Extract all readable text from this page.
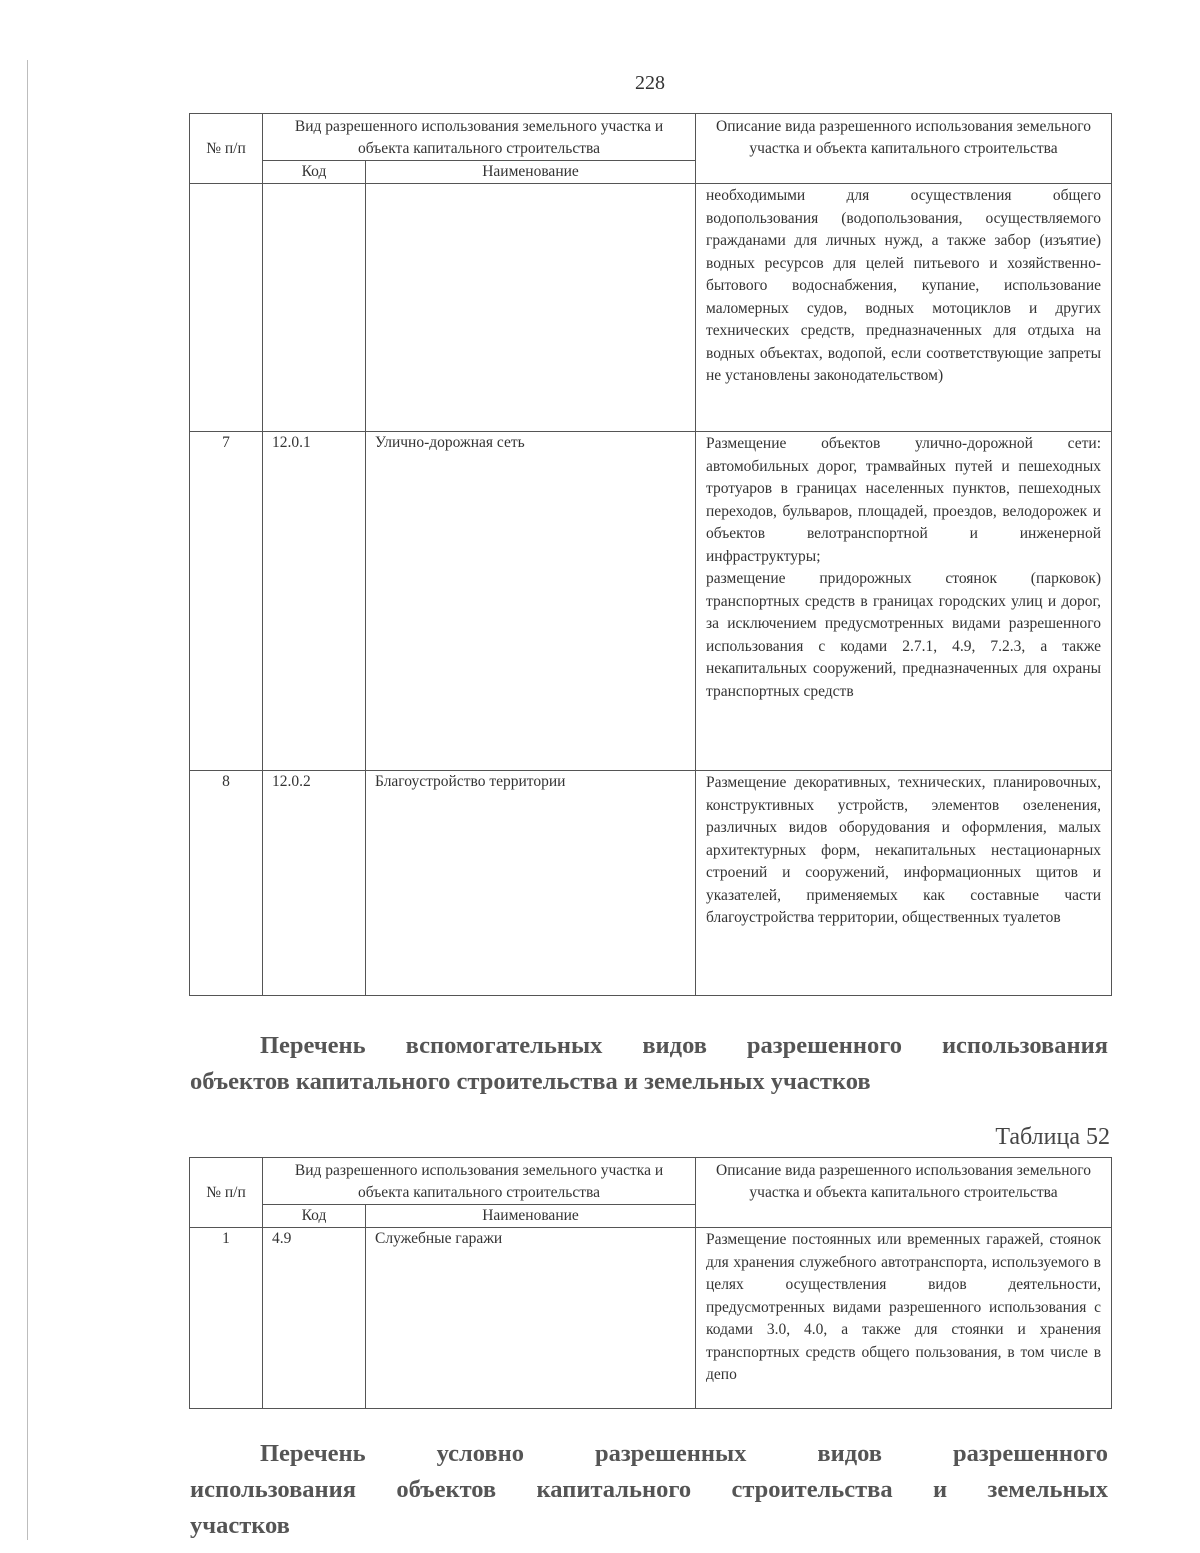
228
№ п/п	Вид разрешенного использования земельного участка и объекта капитального строительства		Описание вида разрешенного использования земельного участка и объекта капитального строительства
	Код	Наименование	
			необходимыми для осуществления общего водопользования (водопользования, осуществляемого гражданами для личных нужд, а также забор (изъятие) водных ресурсов для целей питьевого и хозяйственно-бытового водоснабжения, купание, использование маломерных судов, водных мотоциклов и других технических средств, предназначенных для отдыха на водных объектах, водопой, если соответствующие запреты не установлены законодательством)
7	12.0.1	Улично-дорожная сеть	Размещение объектов улично-дорожной сети: автомобильных дорог, трамвайных путей и пешеходных тротуаров в границах населенных пунктов, пешеходных переходов, бульваров, площадей, проездов, велодорожек и объектов велотранспортной и инженерной инфраструктуры;
размещение придорожных стоянок (парковок) транспортных средств в границах городских улиц и дорог, за исключением предусмотренных видами разрешенного использования с кодами 2.7.1, 4.9, 7.2.3, а также некапитальных сооружений, предназначенных для охраны транспортных средств

8	12.0.2	Благоустройство территории	Размещение декоративных, технических, планировочных, конструктивных устройств, элементов озеленения, различных видов оборудования и оформления, малых архитектурных форм, некапитальных нестационарных строений и сооружений, информационных щитов и указателей, применяемых как составные части благоустройства территории, общественных туалетов
Перечень вспомогательных видов разрешенного использования
объектов капитального строительства и земельных участков
Таблица 52
№ п/п	Вид разрешенного использования земельного участка и объекта капитального строительства		Описание вида разрешенного использования земельного участка и объекта капитального строительства
	Код	Наименование	
1	4.9	Служебные гаражи	Размещение постоянных или временных гаражей, стоянок для хранения служебного автотранспорта, используемого в целях осуществления видов деятельности, предусмотренных видами разрешенного использования с кодами 3.0, 4.0, а также для стоянки и хранения транспортных средств общего пользования, в том числе в депо
Перечень условно разрешенных видов разрешенного
использования объектов капитального строительства и земельных
участков
